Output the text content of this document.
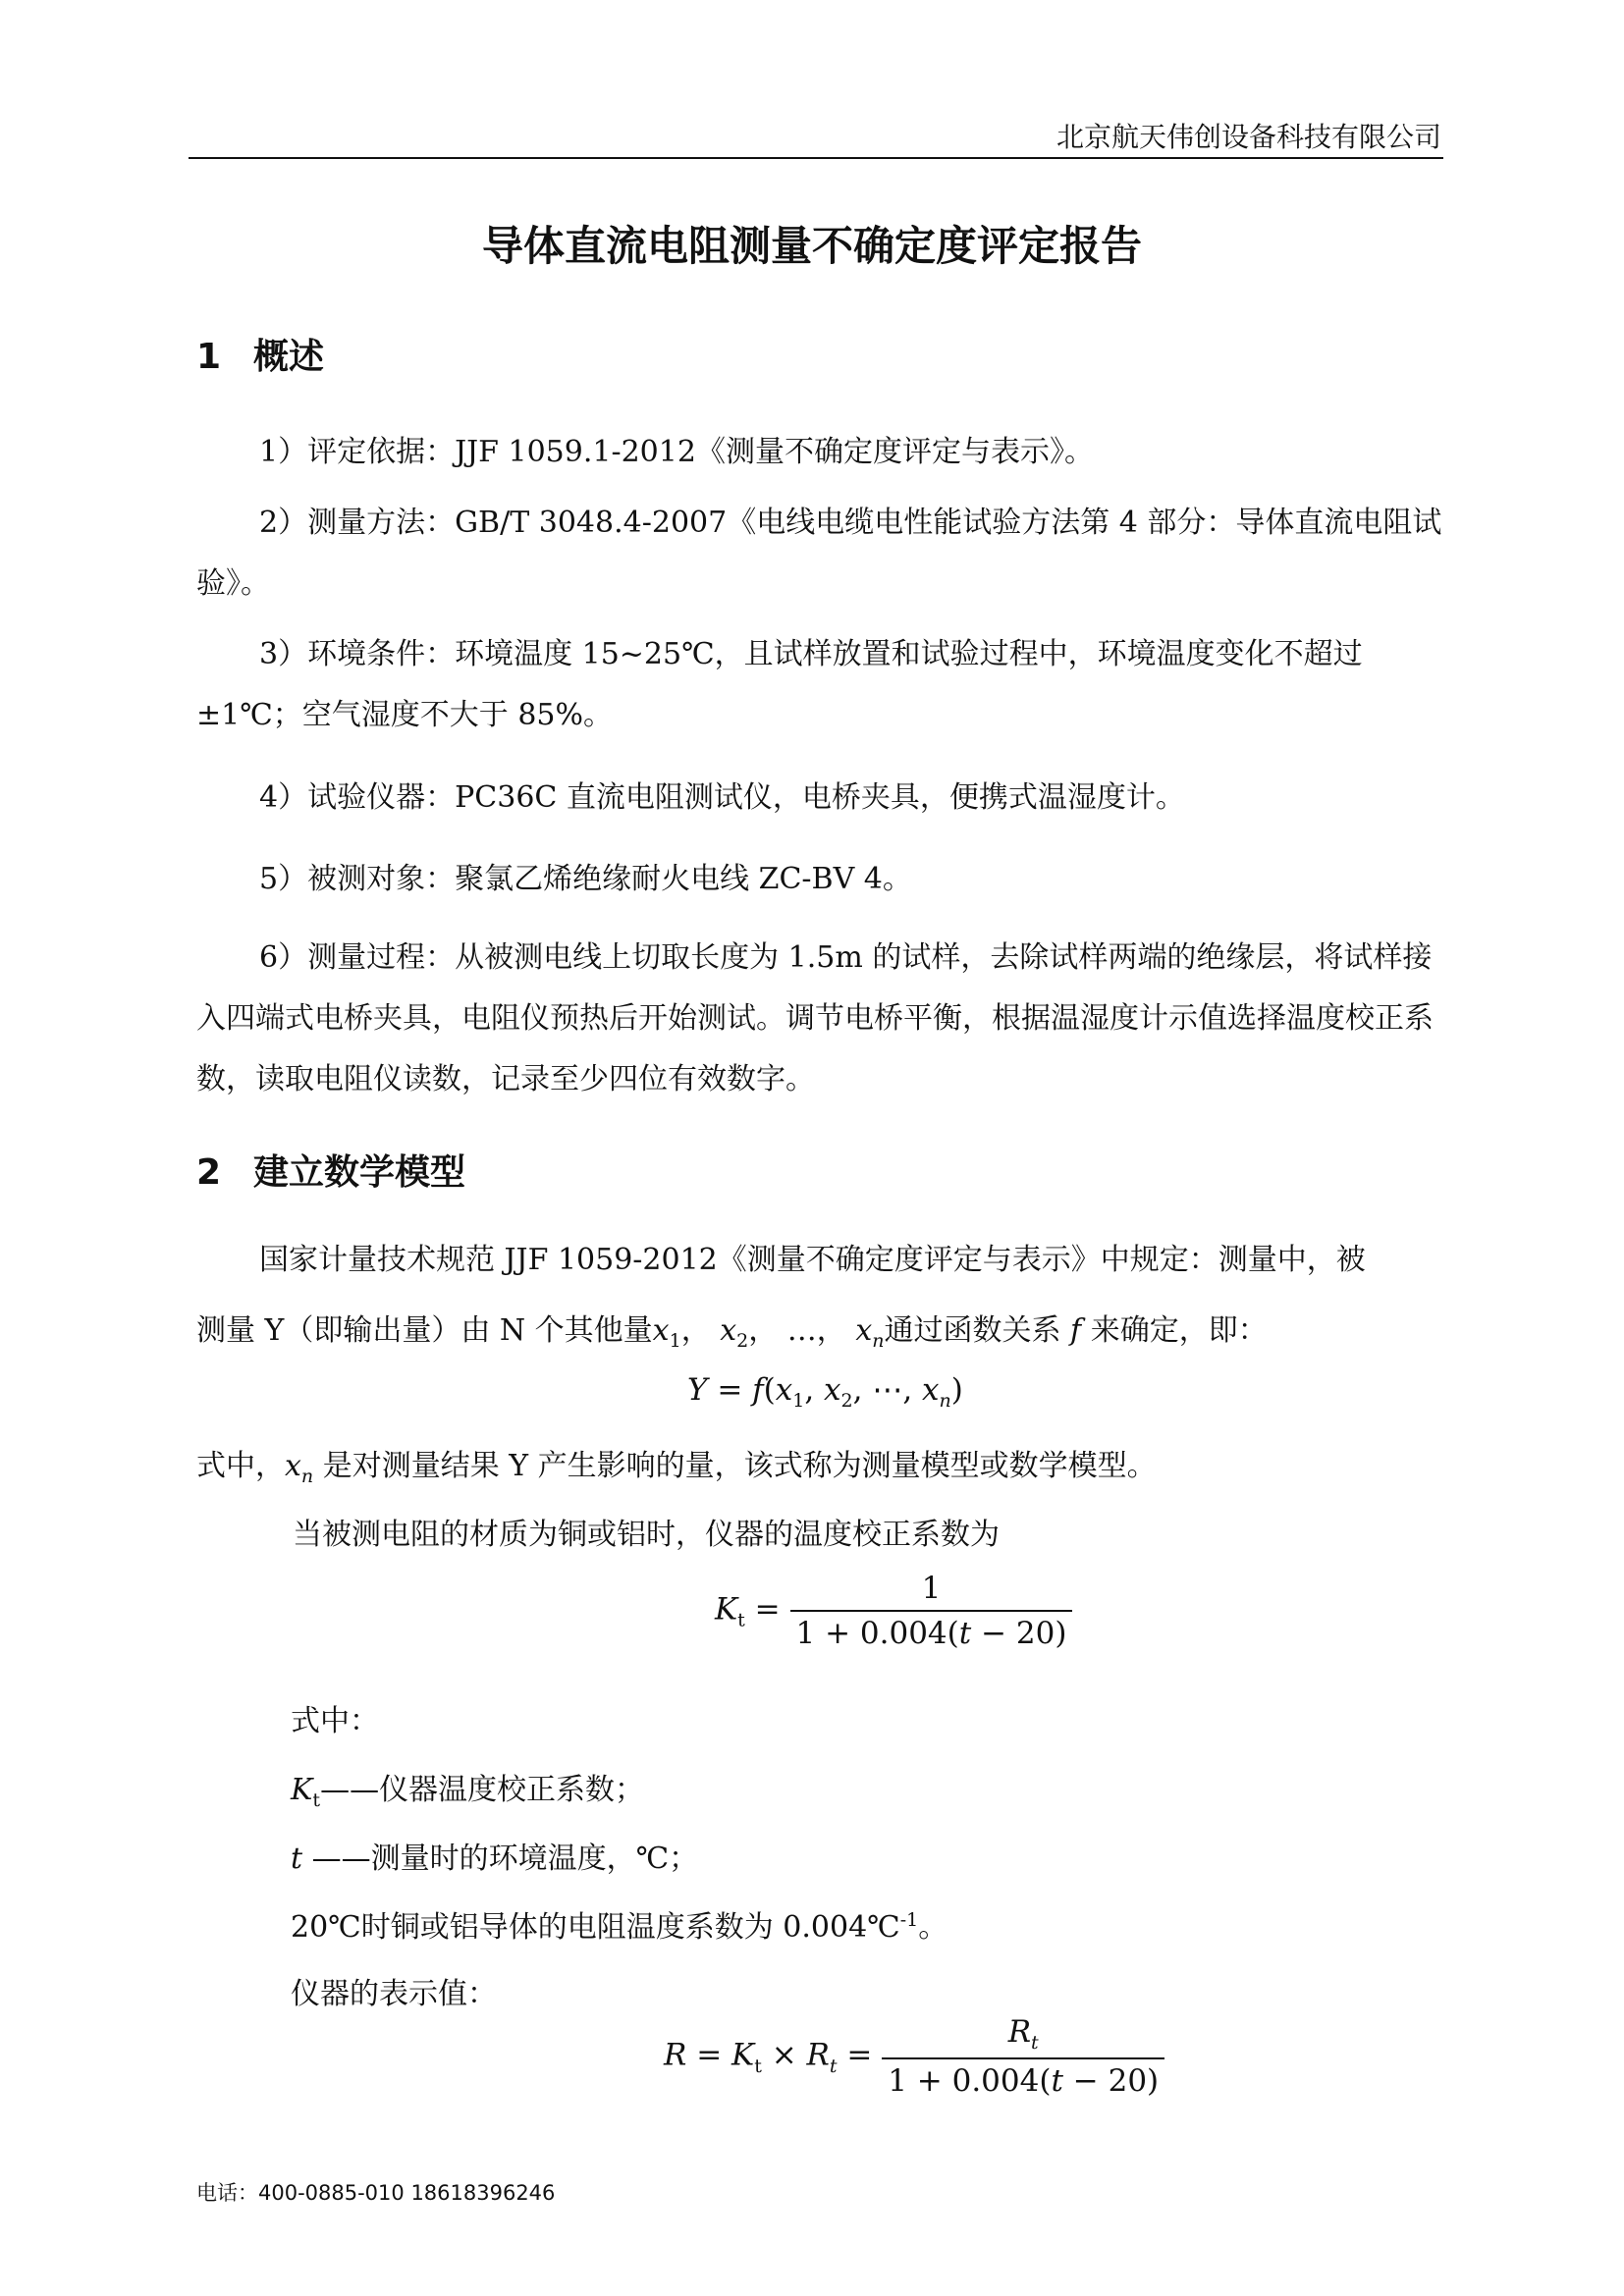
北京航天伟创设备科技有限公司
导体直流电阻测量不确定度评定报告
1 概述

1）评定依据：JJF 1059.1-2012《测量不确定度评定与表示》。

2）测量方法：GB/T 3048.4-2007《电线电缆电性能试验方法第 4 部分：导体直流电阻试验》。

3）环境条件：环境温度 15~25℃，且试样放置和试验过程中，环境温度变化不超过±1℃；空气湿度不大于 85%。

4）试验仪器：PC36C 直流电阻测试仪，电桥夹具，便携式温湿度计。

5）被测对象：聚氯乙烯绝缘耐火电线 ZC-BV 4。

6）测量过程：从被测电线上切取长度为 1.5m 的试样，去除试样两端的绝缘层，将试样接入四端式电桥夹具，电阻仪预热后开始测试。调节电桥平衡，根据温湿度计示值选择温度校正系数，读取电阻仪读数，记录至少四位有效数字。

2 建立数学模型
国家计量技术规范 JJF 1059-2012《测量不确定度评定与表示》中规定：测量中，被
测量 Y（即输出量）由 N 个其他量$x_1$， $x_2$， …， $x_n$通过函数关系 f 来确定，即：
$Y = f(x_1$, $x_2$, ⋯, $x_n$)
式中，$x_n$ 是对测量结果 Y 产生影响的量，该式称为测量模型或数学模型。
当被测电阻的材质为铜或铝时，仪器的温度校正系数为
$K_t = \frac{1}{1 + 0.004(t - 20)}$
式中：
$K_t——$仪器温度校正系数；
t ——测量时的环境温度，℃；
20℃时铜或铝导体的电阻温度系数为 0.004℃$^{-1}$。
仪器的表示值：
$R = K_t \times R_t = \frac{R_t}{1 + 0.004(t - 20)}$
电话：400-0885-010 18618396246
